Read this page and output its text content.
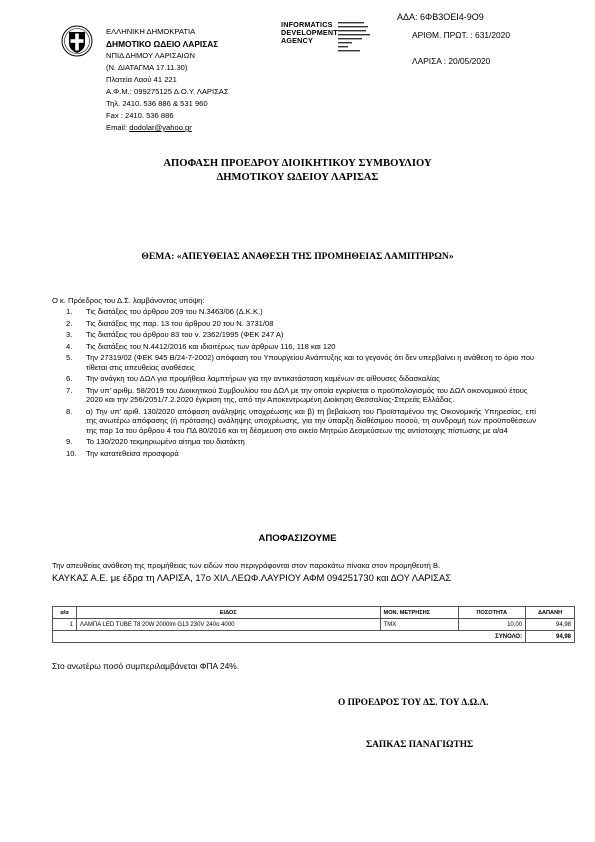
ΕΛΛΗΝΙΚΗ ΔΗΜΟΚΡΑΤΙΑ
ΔΗΜΟΤΙΚΟ ΩΔΕΙΟ ΛΑΡΙΣΑΣ
ΝΠΙΔ ΔΗΜΟΥ ΛΑΡΙΣΑΙΩΝ
(Ν. ΔΙΑΤΑΓΜΑ 17.11.30)
Πλατεία Λαού 41 221
Α.Φ.Μ.: 099275125 Δ.Ο.Υ. ΛΑΡΙΣΑΣ
Τηλ. 2410. 536 886 & 531 960
Fax : 2410. 536 886
Email: dodolar@yahoo.gr
INFORMATICS
DEVELOPMENT
AGENCY
ΑΔΑ: 6ΦΒ3ΟΕΙ4-9Ο9
ΑΡΙΘΜ. ΠΡΩΤ. : 631/2020
ΛΑΡΙΣΑ : 20/05/2020
ΑΠΟΦΑΣΗ ΠΡΟΕΔΡΟΥ ΔΙΟΙΚΗΤΙΚΟΥ ΣΥΜΒΟΥΛΙΟΥ
ΔΗΜΟΤΙΚΟΥ ΩΔΕΙΟΥ ΛΑΡΙΣΑΣ
ΘΕΜΑ: «ΑΠΕΥΘΕΙΑΣ ΑΝΑΘΕΣΗ ΤΗΣ ΠΡΟΜΗΘΕΙΑΣ ΛΑΜΠΤΗΡΩΝ»
Ο κ. Πρόεδρος του Δ.Σ. λαμβάνοντας υπόψη:
1. Τις διατάξεις του άρθρου 209 του Ν.3463/06 (Δ.Κ.Κ.)
2. Τις διατάξεις της παρ. 13 του άρθρου 20 του Ν. 3731/08
3. Τις διατάξεις του άρθρου 83 του ν. 2362/1995 (ΦΕΚ 247 Α)
4. Τις διατάξεις του Ν.4412/2016 και ιδιαιτέρως των άρθρων 116, 118 και 120
5. Την 27319/02 (ΦΕΚ 945 Β/24-7-2002) απόφαση του Υπουργείου Ανάπτυξης και το γεγονός ότι δεν υπερβαίνει η ανάθεση το όριο που τίθεται στις απευθείας αναθέσεις
6. Την ανάγκη του ΔΩΛ για προμήθεια λαμπτήρων για την αντικατάσταση καμένων σε αίθουσες διδασκαλίας
7. Την υπ' αριθμ. 58/2019 του Διοικητικού Συμβουλίου του ΔΩΛ με την οποία εγκρίνεται ο προϋπολογισμός του ΔΩΛ οικονομικού έτους 2020 και την 256/2051/7.2.2020 έγκριση της, από την Αποκεντρωμένη Διοίκηση Θεσσαλίας-Στερεάς Ελλάδας.
8. α) Την υπ' αριθ. 130/2020 απόφαση ανάληψης υποχρέωσης και β) τη βεβαίωση του Προϊσταμένου της Οικονομικής Υπηρεσίας, επί της ανωτέρω απόφασης (ή πρότασης) ανάληψης υποχρέωσης, για την ύπαρξη διαθέσιμου ποσού, τη συνδρομή των προϋποθέσεων της παρ 1α του άρθρου 4 του ΠΔ 80/2016 και τη δέσμευση στο οικείο Μητρώο Δεσμεύσεων της αντίστοιχης πίστωσης με α/α4
9. Το 130/2020 τεκμηριωμένο αίτημα του διατάκτη
10. Την κατατεθείσα προσφορά
ΑΠΟΦΑΣΙΖΟΥΜΕ
Την απευθείας ανάθεση της προμήθειας των ειδών που περιγράφονται στον παρακάτω πίνακα στον προμηθευτή Β.
ΚΑΥΚΑΣ Α.Ε. με έδρα τη ΛΑΡΙΣΑ, 17ο ΧΙΛ.ΛΕΩΦ.ΛΑΥΡΙΟΥ ΑΦΜ 094251730 και ΔΟΥ ΛΑΡΙΣΑΣ
α/α	ΕΙΔΟΣ	ΜΟΝ. ΜΕΤΡΗΣΗΣ	ΠΟΣΟΤΗΤΑ	ΔΑΠΑΝΗ
1	ΛΑΜΠΑ LED TUBE T8 20W 2000lm G13 230V 240o 4000	ΤΜΧ	10,00	94,98
ΣΥΝΟΛΟ:				94,98
Στο ανωτέρω ποσό συμπεριλαμβάνεται ΦΠΑ 24%.
Ο ΠΡΟΕΔΡΟΣ ΤΟΥ ΔΣ. ΤΟΥ Δ.Ω.Λ.
ΣΑΠΚΑΣ ΠΑΝΑΓΙΩΤΗΣ
